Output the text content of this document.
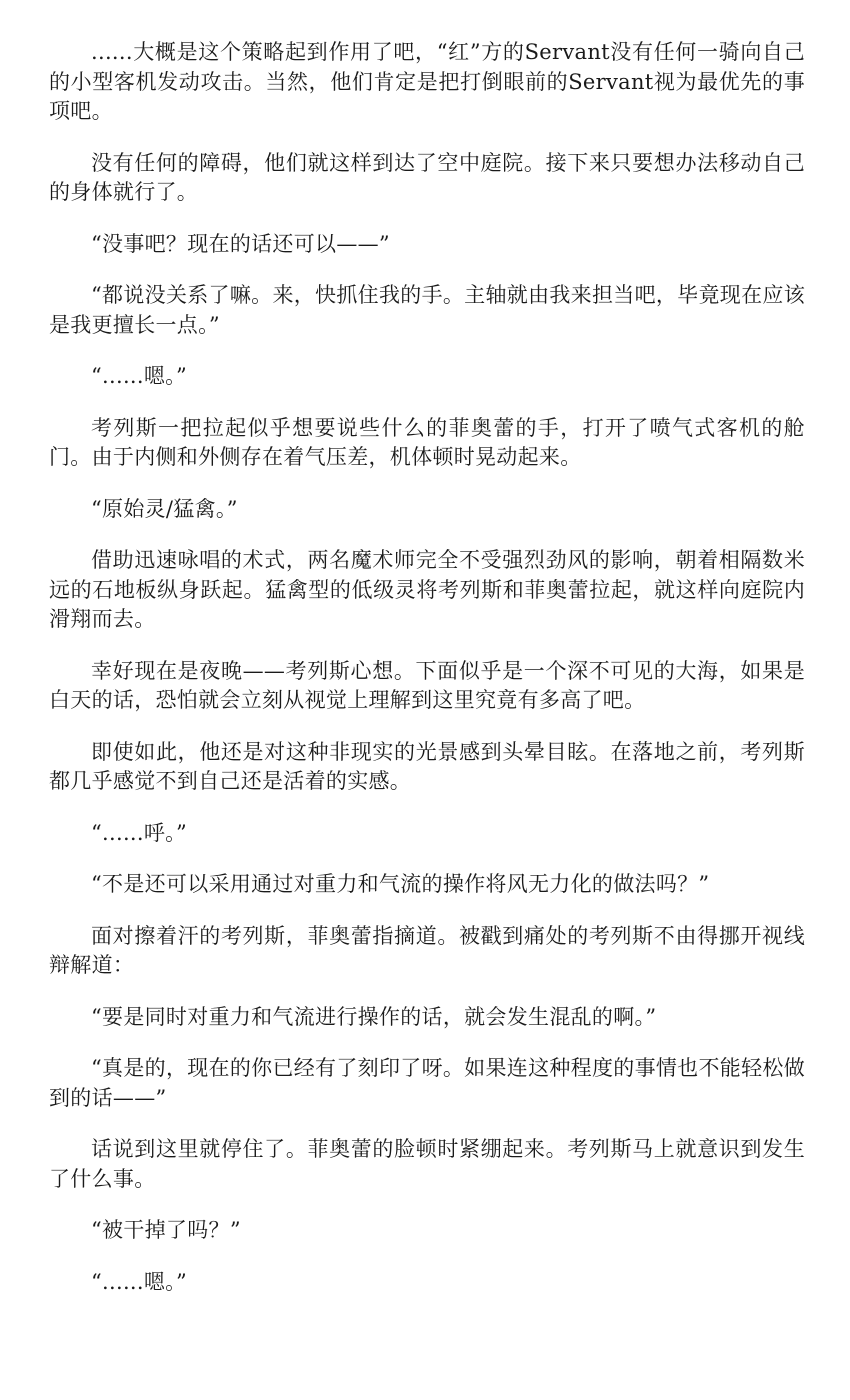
......大概是这个策略起到作用了吧，“红”方的Servant没有任何一骑向自己的小型客机发动攻击。当然，他们肯定是把打倒眼前的Servant视为最优先的事项吧。

没有任何的障碍，他们就这样到达了空中庭院。接下来只要想办法移动自己的身体就行了。

“没事吧？现在的话还可以——”

“都说没关系了嘛。来，快抓住我的手。主轴就由我来担当吧，毕竟现在应该是我更擅长一点。”

“......嗯。”

考列斯一把拉起似乎想要说些什么的菲奥蕾的手，打开了喷气式客机的舱门。由于内侧和外侧存在着气压差，机体顿时晃动起来。

“原始灵/猛禽。”

借助迅速咏唱的术式，两名魔术师完全不受强烈劲风的影响，朝着相隔数米远的石地板纵身跃起。猛禽型的低级灵将考列斯和菲奥蕾拉起，就这样向庭院内滑翔而去。

幸好现在是夜晚——考列斯心想。下面似乎是一个深不可见的大海，如果是白天的话，恐怕就会立刻从视觉上理解到这里究竟有多高了吧。

即使如此，他还是对这种非现实的光景感到头晕目眩。在落地之前，考列斯都几乎感觉不到自己还是活着的实感。

“......呼。”

“不是还可以采用通过对重力和气流的操作将风无力化的做法吗？”

面对擦着汗的考列斯，菲奥蕾指摘道。被戳到痛处的考列斯不由得挪开视线辩解道：

“要是同时对重力和气流进行操作的话，就会发生混乱的啊。”

“真是的，现在的你已经有了刻印了呀。如果连这种程度的事情也不能轻松做到的话——”

话说到这里就停住了。菲奥蕾的脸顿时紧绷起来。考列斯马上就意识到发生了什么事。

“被干掉了吗？”

“......嗯。”
